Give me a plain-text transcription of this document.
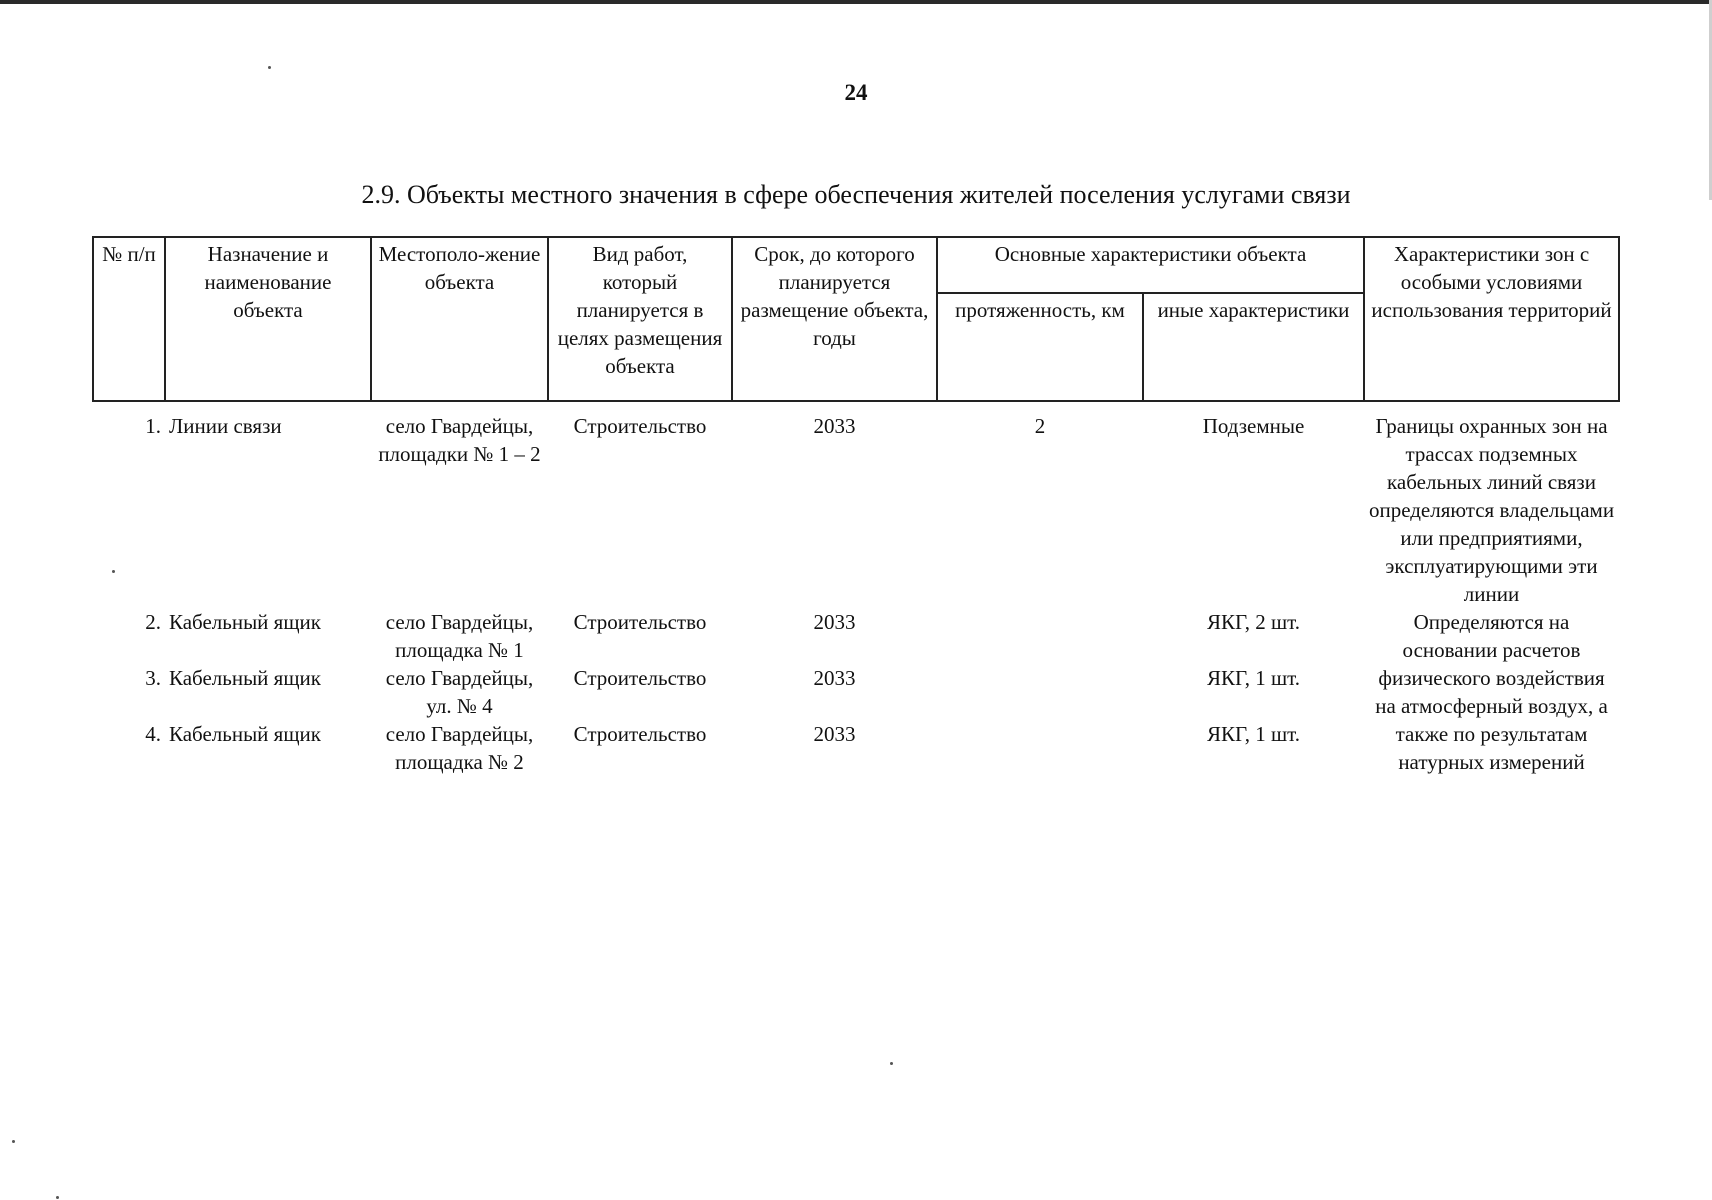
24
2.9. Объекты местного значения в сфере обеспечения жителей поселения услугами связи
№ п/п	Назначение и наименование объекта	Местополо-жение объекта	Вид работ, который планируется в целях размещения объекта	Срок, до которого планируется размещение объекта, годы	Основные характеристики объекта		Характеристики зон с особыми условиями использования территорий
					протяженность, км	иные характеристики	
1.	Линии связи	село Гвардейцы, площадки № 1 – 2	Строительство	2033	2	Подземные	Границы охранных зон на трассах подземных кабельных линий связи определяются владельцами или предприятиями, эксплуатирующими эти линии
2.	Кабельный ящик	село Гвардейцы, площадка № 1	Строительство	2033		ЯКГ, 2 шт.	Определяются на основании расчетов физического воздействия на атмосферный воздух, а также по результатам натурных измерений
3.	Кабельный ящик	село Гвардейцы, ул. № 4	Строительство	2033		ЯКГ, 1 шт.	
4.	Кабельный ящик	село Гвардейцы, площадка № 2	Строительство	2033		ЯКГ, 1 шт.	
